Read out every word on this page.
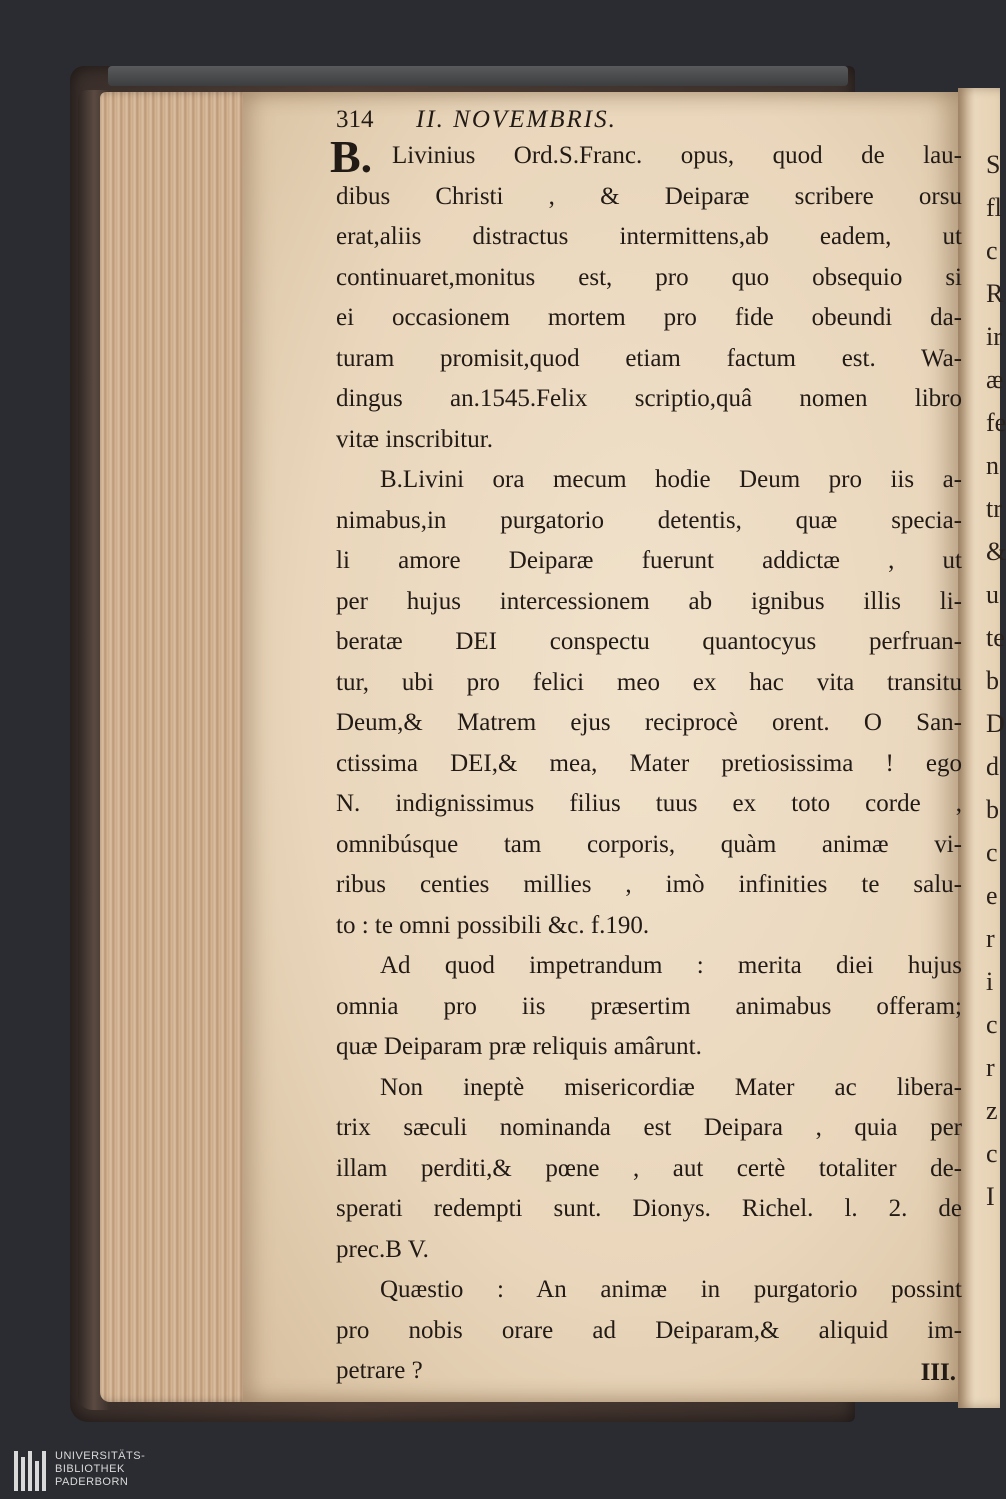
S
fl
c
R
ir
æ
fe
n
tr
&
u
te
b
D
d
b
c
e
r
i
c
r
z
c
I
314	II. NOVEMBRIS.
B. Livinius Ord.S.Franc. opus, quod de lau-
dibus Christi , & Deiparæ scribere orsu
erat,aliis distractus intermittens,ab eadem, ut
continuaret,monitus est, pro quo obsequio si
ei occasionem mortem pro fide obeundi da-
turam promisit,quod etiam factum est. Wa-
dingus an.1545.Felix scriptio,quâ nomen libro
vitæ inscribitur.
B.Livini ora mecum hodie Deum pro iis a-
nimabus,in purgatorio detentis, quæ specia-
li amore Deiparæ fuerunt addictæ , ut
per hujus intercessionem ab ignibus illis li-
beratæ DEI conspectu quantocyus perfruan-
tur, ubi pro felici meo ex hac vita transitu
Deum,& Matrem ejus reciprocè orent. O San-
ctissima DEI,& mea, Mater pretiosissima ! ego
N. indignissimus filius tuus ex toto corde ,
omnibúsque tam corporis, quàm animæ vi-
ribus centies millies , imò infinities te salu-
to : te omni possibili &c. f.190.
Ad quod impetrandum : merita diei hujus
omnia pro iis præsertim animabus offeram;
quæ Deiparam præ reliquis amârunt.
Non ineptè misericordiæ Mater ac libera-
trix sæculi nominanda est Deipara , quia per
illam perditi,& pœne , aut certè totaliter de-
sperati redempti sunt. Dionys. Richel. l. 2. de
prec.B V.
Quæstio : An animæ in purgatorio possint
pro nobis orare ad Deiparam,& aliquid im-
petrare ?	III.
UNIVERSITÄTS-
BIBLIOTHEK
PADERBORN
